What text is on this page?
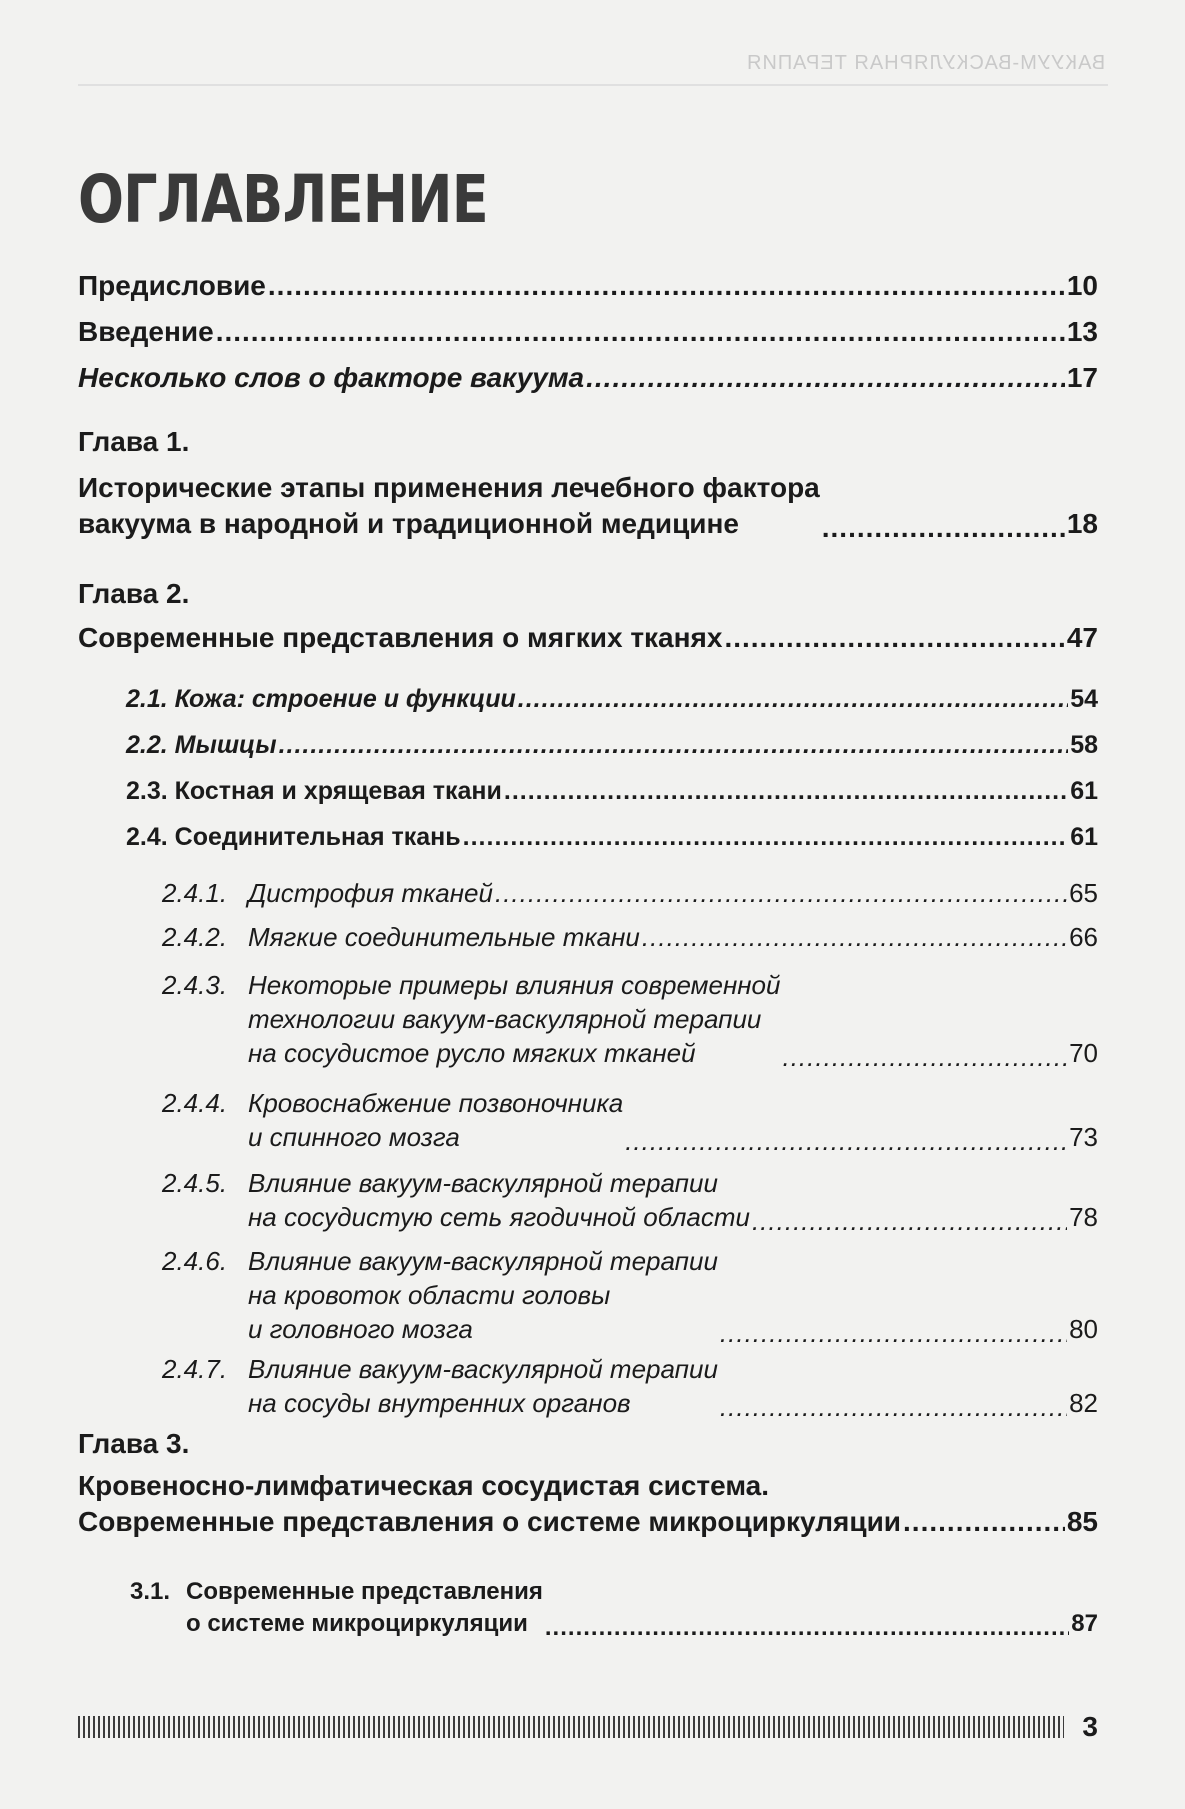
ВАКУУМ-ВАСКУЛЯРНАЯ ТЕРАПИЯ
ОГЛАВЛЕНИЕ
Предисловие .....	10
Введение .....	13
Несколько слов о факторе вакуума .....	17
Глава 1.
Исторические этапы применения лечебного фактора
вакуума в народной и традиционной медицине .....	18
Глава 2.
Современные представления о мягких тканях .....	47
2.1. Кожа: строение и функции .....	54
2.2. Мышцы .....	58
2.3. Костная и хрящевая ткани .....	61
2.4. Соединительная ткань .....	61
2.4.1. Дистрофия тканей .....	65
2.4.2. Мягкие соединительные ткани .....	66
2.4.3. Некоторые примеры влияния современной
технологии вакуум-васкулярной терапии
на сосудистое русло мягких тканей .....	70
2.4.4. Кровоснабжение позвоночника
и спинного мозга .....	73
2.4.5. Влияние вакуум-васкулярной терапии
на сосудистую сеть ягодичной области .....	78
2.4.6. Влияние вакуум-васкулярной терапии
на кровоток области головы
и головного мозга .....	80
2.4.7. Влияние вакуум-васкулярной терапии
на сосуды внутренних органов .....	82
Глава 3.
Кровеносно-лимфатическая сосудистая система.
Современные представления о системе микроциркуляции .....	85
3.1. Современные представления
о системе микроциркуляции .....	87
3
